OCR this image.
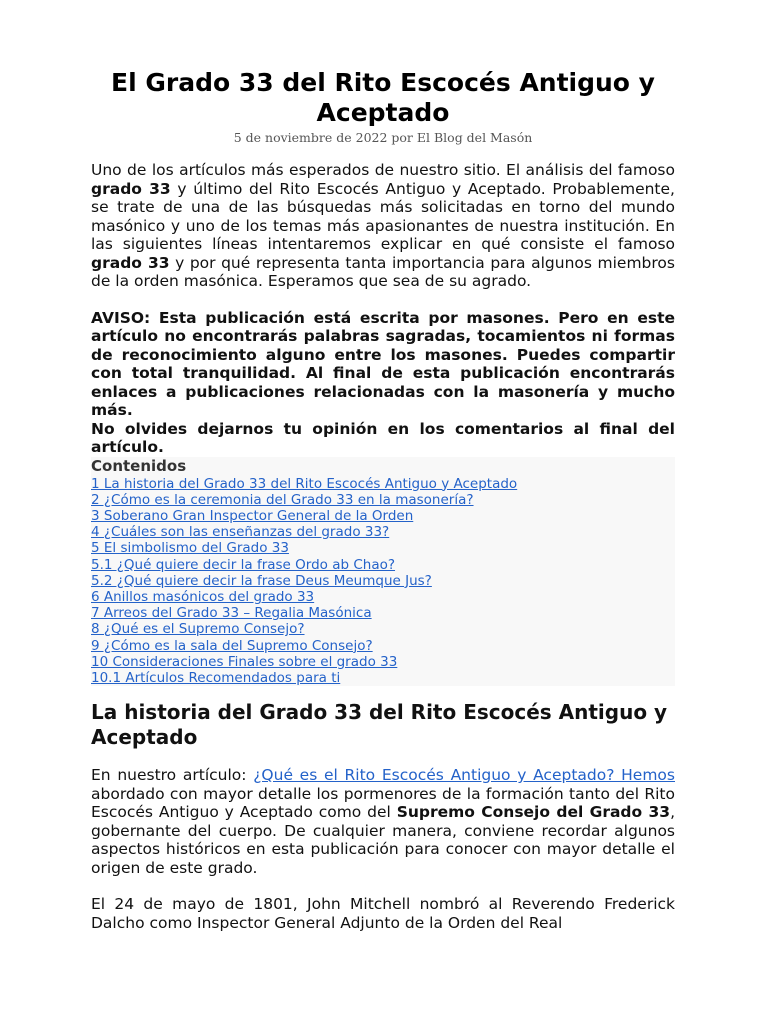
El Grado 33 del Rito Escocés Antiguo y Aceptado
5 de noviembre de 2022 por El Blog del Masón

Uno de los artículos más esperados de nuestro sitio. El análisis del famoso grado 33 y último del Rito Escocés Antiguo y Aceptado. Probablemente, se trate de una de las búsquedas más solicitadas en torno del mundo masónico y uno de los temas más apasionantes de nuestra institución. En las siguientes líneas intentaremos explicar en qué consiste el famoso grado 33 y por qué representa tanta importancia para algunos miembros de la orden masónica. Esperamos que sea de su agrado.

AVISO: Esta publicación está escrita por masones. Pero en este artículo no encontrarás palabras sagradas, tocamientos ni formas de reconocimiento alguno entre los masones. Puedes compartir con total tranquilidad. Al final de esta publicación encontrarás enlaces a publicaciones relacionadas con la masonería y mucho más.

No olvides dejarnos tu opinión en los comentarios al final del artículo.

Contenidos
1 La historia del Grado 33 del Rito Escocés Antiguo y Aceptado
2 ¿Cómo es la ceremonia del Grado 33 en la masonería?
3 Soberano Gran Inspector General de la Orden
4 ¿Cuáles son las enseñanzas del grado 33?
5 El simbolismo del Grado 33
5.1 ¿Qué quiere decir la frase Ordo ab Chao?
5.2 ¿Qué quiere decir la frase Deus Meumque Jus?
6 Anillos masónicos del grado 33
7 Arreos del Grado 33 – Regalia Masónica
8 ¿Qué es el Supremo Consejo?
9 ¿Cómo es la sala del Supremo Consejo?
10 Consideraciones Finales sobre el grado 33
10.1 Artículos Recomendados para ti
La historia del Grado 33 del Rito Escocés Antiguo y Aceptado

En nuestro artículo: ¿Qué es el Rito Escocés Antiguo y Aceptado? Hemos abordado con mayor detalle los pormenores de la formación tanto del Rito Escocés Antiguo y Aceptado como del Supremo Consejo del Grado 33, gobernante del cuerpo. De cualquier manera, conviene recordar algunos aspectos históricos en esta publicación para conocer con mayor detalle el origen de este grado.

El 24 de mayo de 1801, John Mitchell nombró al Reverendo Frederick Dalcho como Inspector General Adjunto de la Orden del Real
